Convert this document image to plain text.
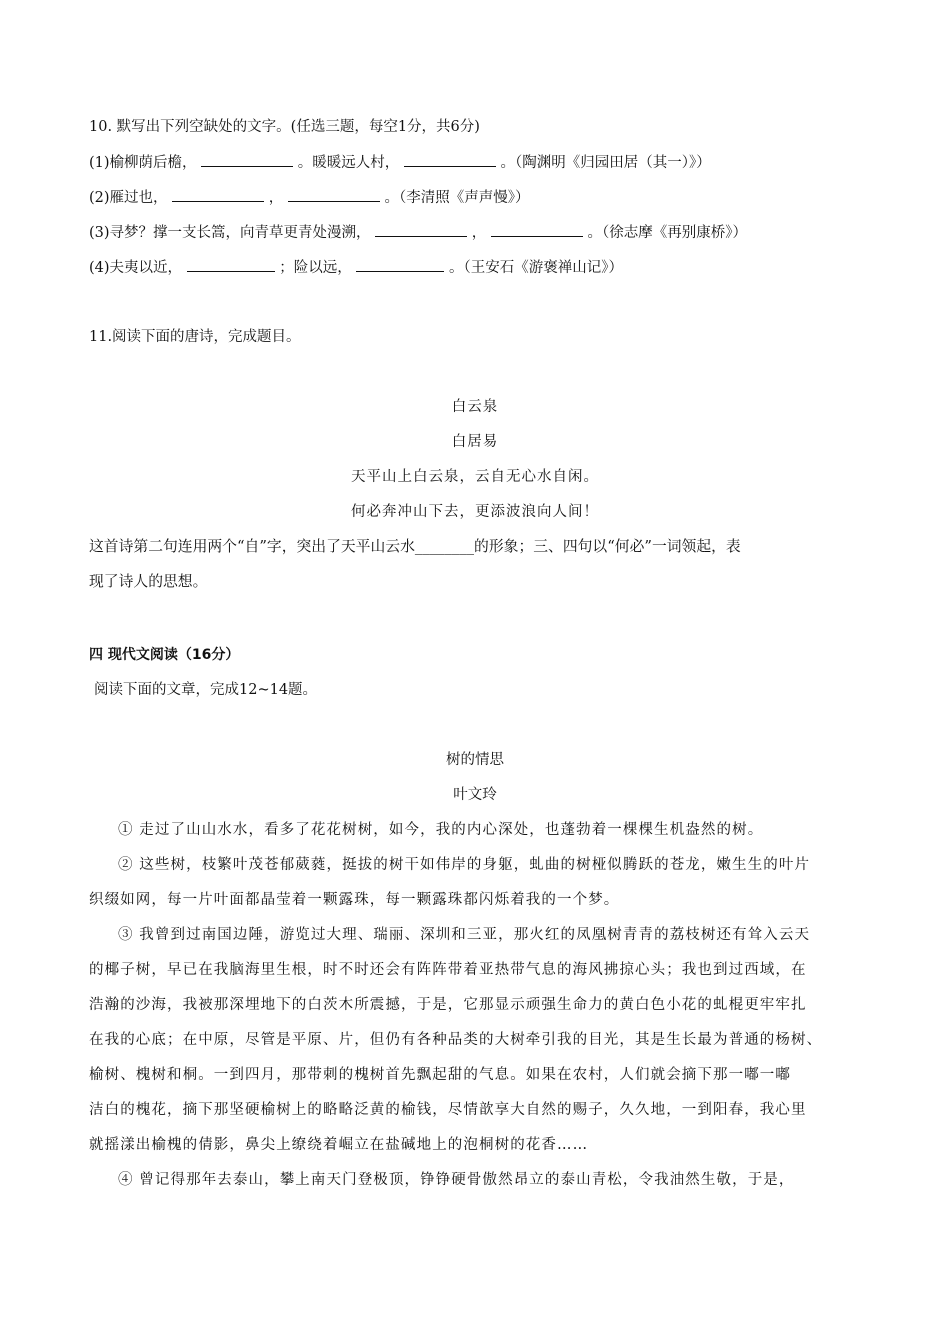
10. 默写出下列空缺处的文字。(任选三题，每空1分，共6分)
(1)榆柳荫后檐，	。暖暖远人村，	。（陶渊明《归园田居（其一）》）
(2)雁过也，	，	。（李清照《声声慢》）
(3)寻梦？撑一支长篙，向青草更青处漫溯，	，	。（徐志摩《再别康桥》）
(4)夫夷以近，	；险以远，	。（王安石《游褒禅山记》）
11.阅读下面的唐诗，完成题目。
白云泉
白居易
天平山上白云泉，云自无心水自闲。
何必奔冲山下去，更添波浪向人间！
这首诗第二句连用两个“自”字，突出了天平山云水________的形象；三、四句以“何必”一词领起，表
现了诗人的思想。
四 现代文阅读（16分）
阅读下面的文章，完成12~14题。
树的情思
叶文玲
① 走过了山山水水，看多了花花树树，如今，我的内心深处，也蓬勃着一棵棵生机盎然的树。
② 这些树，枝繁叶茂苍郁葳蕤，挺拔的树干如伟岸的身躯，虬曲的树桠似腾跃的苍龙，嫩生生的叶片
织缀如网，每一片叶面都晶莹着一颗露珠，每一颗露珠都闪烁着我的一个梦。
③ 我曾到过南国边陲，游览过大理、瑞丽、深圳和三亚，那火红的凤凰树青青的荔枝树还有耸入云天
的椰子树，早已在我脑海里生根，时不时还会有阵阵带着亚热带气息的海风拂掠心头；我也到过西域，在
浩瀚的沙海，我被那深埋地下的白茨木所震撼，于是，它那显示顽强生命力的黄白色小花的虬棍更牢牢扎
在我的心底；在中原，尽管是平原、片，但仍有各种品类的大树牵引我的目光，其是生长最为普通的杨树、
榆树、槐树和桐。一到四月，那带刺的槐树首先飘起甜的气息。如果在农村，人们就会摘下那一嘟一嘟
洁白的槐花，摘下那坚硬榆树上的略略泛黄的榆钱，尽情歆享大自然的赐子，久久地，一到阳春，我心里
就摇漾出榆槐的倩影，鼻尖上缭绕着崛立在盐碱地上的泡桐树的花香……
④ 曾记得那年去泰山，攀上南天门登极顶，铮铮硬骨傲然昂立的泰山青松，令我油然生敬，于是，
